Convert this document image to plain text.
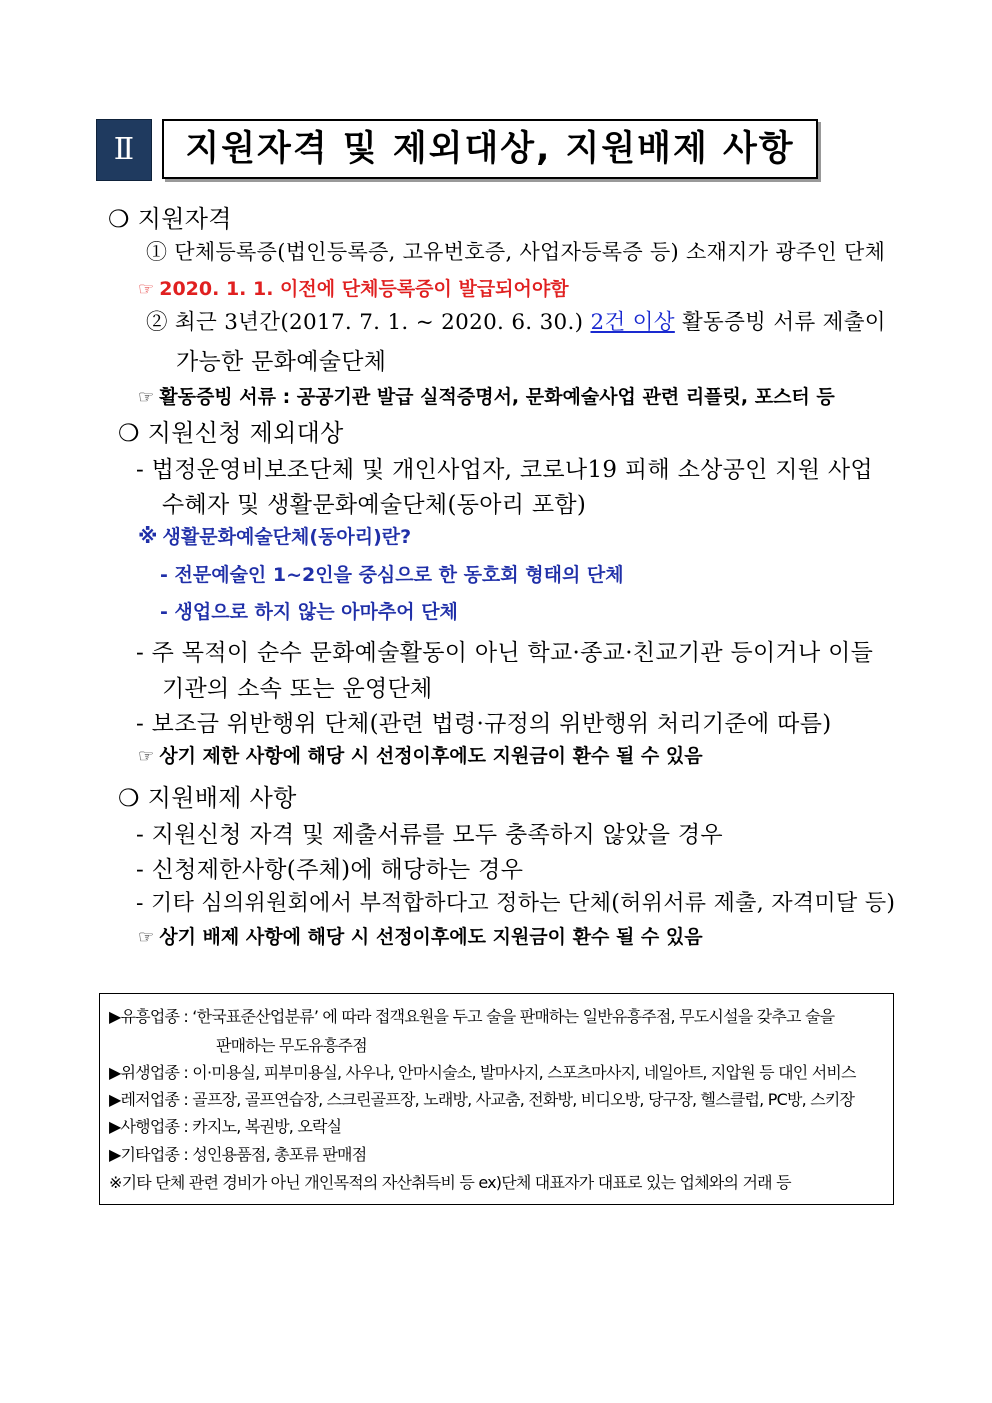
Ⅱ	지원자격 및 제외대상, 지원배제 사항
❍ 지원자격
① 단체등록증(법인등록증, 고유번호증, 사업자등록증 등) 소재지가 광주인 단체
☞ 2020. 1. 1. 이전에 단체등록증이 발급되어야함
② 최근 3년간(2017. 7. 1. ~ 2020. 6. 30.) 2건 이상 활동증빙 서류 제출이
가능한 문화예술단체
☞ 활동증빙 서류 : 공공기관 발급 실적증명서, 문화예술사업 관련 리플릿, 포스터 등
❍ 지원신청 제외대상
- 법정운영비보조단체 및 개인사업자, 코로나19 피해 소상공인 지원 사업
수혜자 및 생활문화예술단체(동아리 포함)
※ 생활문화예술단체(동아리)란?
- 전문예술인 1~2인을 중심으로 한 동호회 형태의 단체
- 생업으로 하지 않는 아마추어 단체
- 주 목적이 순수 문화예술활동이 아닌 학교·종교·친교기관 등이거나 이들
기관의 소속 또는 운영단체
- 보조금 위반행위 단체(관련 법령·규정의 위반행위 처리기준에 따름)
☞ 상기 제한 사항에 해당 시 선정이후에도 지원금이 환수 될 수 있음
❍ 지원배제 사항
- 지원신청 자격 및 제출서류를 모두 충족하지 않았을 경우
- 신청제한사항(주체)에 해당하는 경우
- 기타 심의위원회에서 부적합하다고 정하는 단체(허위서류 제출, 자격미달 등)
☞ 상기 배제 사항에 해당 시 선정이후에도 지원금이 환수 될 수 있음
▶유흥업종 : ‘한국표준산업분류’ 에 따라 접객요원을 두고 술을 판매하는 일반유흥주점, 무도시설을 갖추고 술을
판매하는 무도유흥주점
▶위생업종 : 이·미용실, 피부미용실, 사우나, 안마시술소, 발마사지, 스포츠마사지, 네일아트, 지압원 등 대인 서비스
▶레저업종 : 골프장, 골프연습장, 스크린골프장, 노래방, 사교춤, 전화방, 비디오방, 당구장, 헬스클럽, PC방, 스키장
▶사행업종 : 카지노, 복권방, 오락실
▶기타업종 : 성인용품점, 총포류 판매점
※기타 단체 관련 경비가 아닌 개인목적의 자산취득비 등 ex)단체 대표자가 대표로 있는 업체와의 거래 등
